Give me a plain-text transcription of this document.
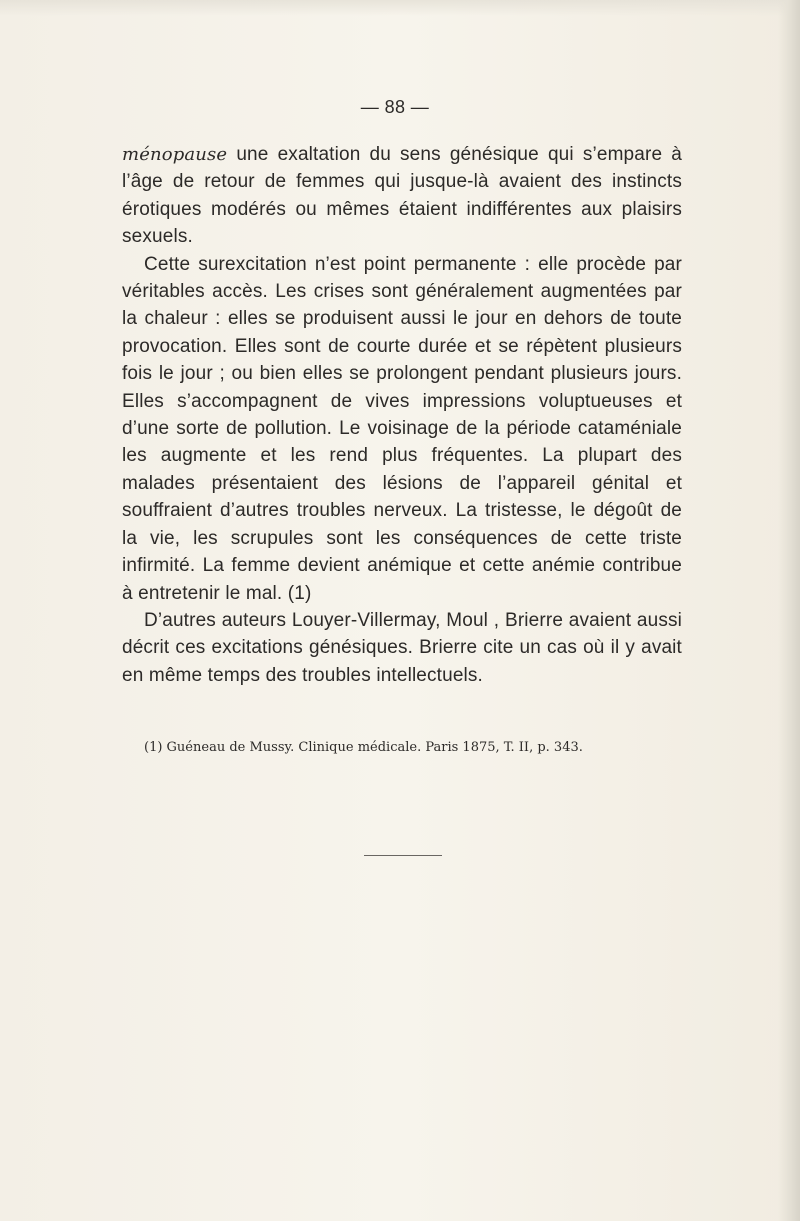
— 88 —

ménopause une exaltation du sens génésique qui s’empare à l’âge de retour de femmes qui jusque-là avaient des instincts érotiques modérés ou mêmes étaient indifférentes aux plaisirs sexuels.

Cette surexcitation n’est point permanente : elle procède par véritables accès. Les crises sont généralement augmentées par la chaleur : elles se produisent aussi le jour en dehors de toute provocation. Elles sont de courte durée et se répètent plusieurs fois le jour ; ou bien elles se prolongent pendant plusieurs jours. Elles s’accompagnent de vives impressions voluptueuses et d’une sorte de pollution. Le voisinage de la période cataméniale les augmente et les rend plus fréquentes. La plupart des malades présentaient des lésions de l’appareil génital et souffraient d’autres troubles nerveux. La tristesse, le dégoût de la vie, les scrupules sont les conséquences de cette triste infirmité. La femme devient anémique et cette anémie contribue à entretenir le mal. (1)

D’autres auteurs Louyer-Villermay, Moul , Brierre avaient aussi décrit ces excitations génésiques. Brierre cite un cas où il y avait en même temps des troubles intellectuels.

(1) Guéneau de Mussy. Clinique médicale. Paris 1875, T. II, p. 343.
